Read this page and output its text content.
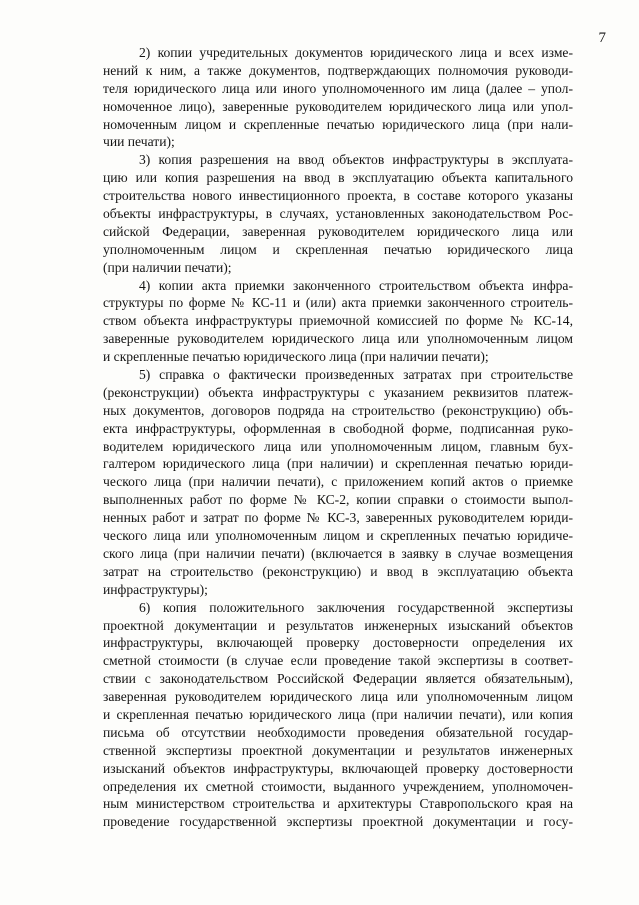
7
2) копии учредительных документов юридического лица и всех изме-
нений к ним, а также документов, подтверждающих полномочия руководи-
теля юридического лица или иного уполномоченного им лица (далее – упол-
номоченное лицо), заверенные руководителем юридического лица или упол-
номоченным лицом и скрепленные печатью юридического лица (при нали-
чии печати);
3) копия разрешения на ввод объектов инфраструктуры в эксплуата-
цию или копия разрешения на ввод в эксплуатацию объекта капитального
строительства нового инвестиционного проекта, в составе которого указаны
объекты инфраструктуры, в случаях, установленных законодательством Рос-
сийской Федерации, заверенная руководителем юридического лица или
уполномоченным лицом и скрепленная печатью юридического лица
(при наличии печати);
4) копии акта приемки законченного строительством объекта инфра-
структуры по форме № КС-11 и (или) акта приемки законченного строитель-
ством объекта инфраструктуры приемочной комиссией по форме № КС-14,
заверенные руководителем юридического лица или уполномоченным лицом
и скрепленные печатью юридического лица (при наличии печати);
5) справка о фактически произведенных затратах при строительстве
(реконструкции) объекта инфраструктуры с указанием реквизитов платеж-
ных документов, договоров подряда на строительство (реконструкцию) объ-
екта инфраструктуры, оформленная в свободной форме, подписанная руко-
водителем юридического лица или уполномоченным лицом, главным бух-
галтером юридического лица (при наличии) и скрепленная печатью юриди-
ческого лица (при наличии печати), с приложением копий актов о приемке
выполненных работ по форме № КС-2, копии справки о стоимости выпол-
ненных работ и затрат по форме № КС-3, заверенных руководителем юриди-
ческого лица или уполномоченным лицом и скрепленных печатью юридиче-
ского лица (при наличии печати) (включается в заявку в случае возмещения
затрат на строительство (реконструкцию) и ввод в эксплуатацию объекта
инфраструктуры);
6) копия положительного заключения государственной экспертизы
проектной документации и результатов инженерных изысканий объектов
инфраструктуры, включающей проверку достоверности определения их
сметной стоимости (в случае если проведение такой экспертизы в соответ-
ствии с законодательством Российской Федерации является обязательным),
заверенная руководителем юридического лица или уполномоченным лицом
и скрепленная печатью юридического лица (при наличии печати), или копия
письма об отсутствии необходимости проведения обязательной государ-
ственной экспертизы проектной документации и результатов инженерных
изысканий объектов инфраструктуры, включающей проверку достоверности
определения их сметной стоимости, выданного учреждением, уполномочен-
ным министерством строительства и архитектуры Ставропольского края на
проведение государственной экспертизы проектной документации и госу-
